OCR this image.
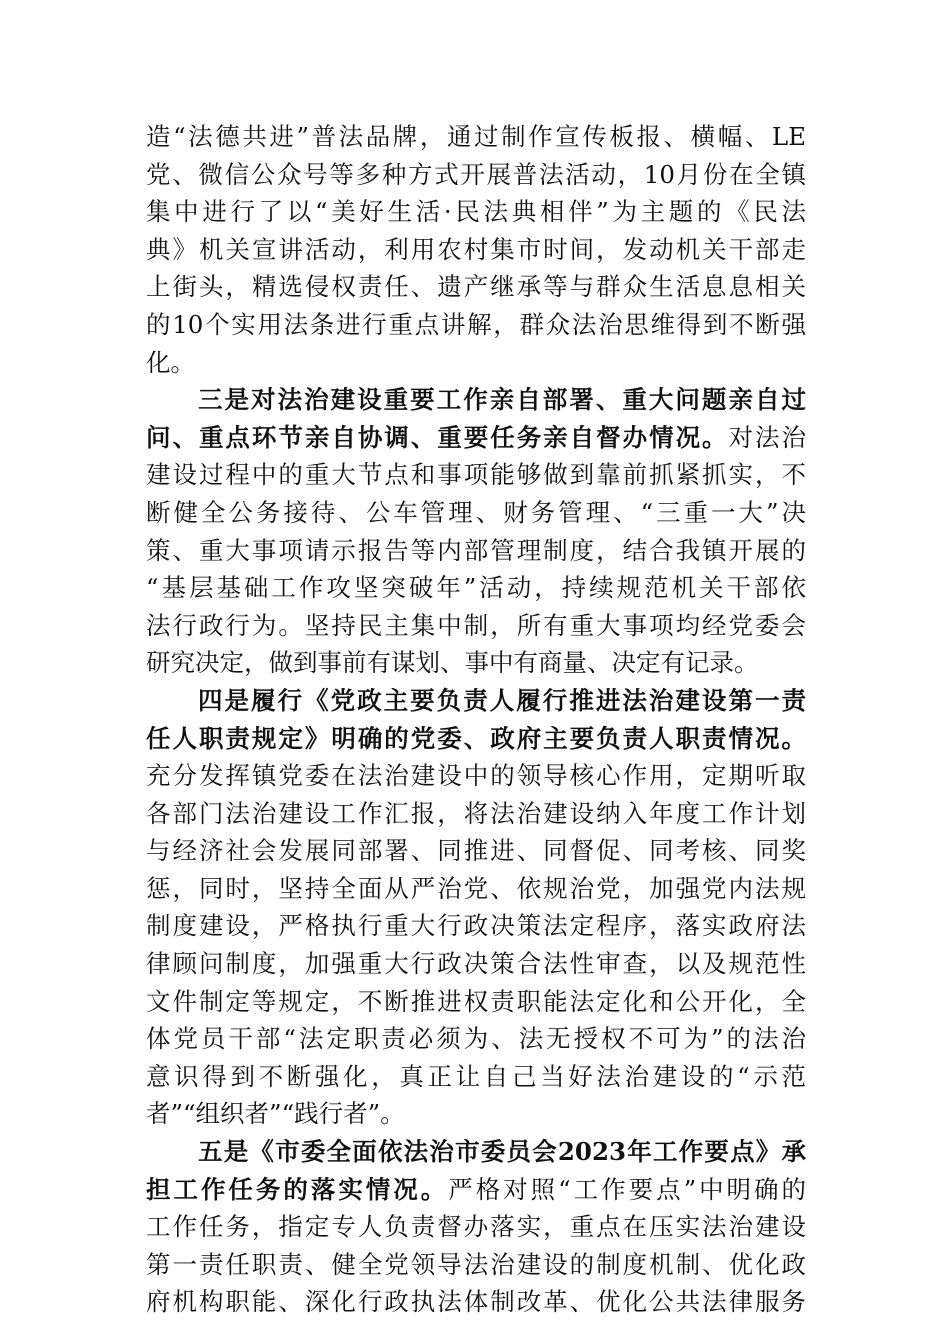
造“法德共进”普法品牌，通过制作宣传板报、横幅、LE
党、微信公众号等多种方式开展普法活动，10月份在全镇
集中进行了以“美好生活·民法典相伴”为主题的《民法
典》机关宣讲活动，利用农村集市时间，发动机关干部走
上街头，精选侵权责任、遗产继承等与群众生活息息相关
的10个实用法条进行重点讲解，群众法治思维得到不断强
化。
三是对法治建设重要工作亲自部署、重大问题亲自过
问、重点环节亲自协调、重要任务亲自督办情况。对法治
建设过程中的重大节点和事项能够做到靠前抓紧抓实，不
断健全公务接待、公车管理、财务管理、“三重一大”决
策、重大事项请示报告等内部管理制度，结合我镇开展的
“基层基础工作攻坚突破年”活动，持续规范机关干部依
法行政行为。坚持民主集中制，所有重大事项均经党委会
研究决定，做到事前有谋划、事中有商量、决定有记录。
四是履行《党政主要负责人履行推进法治建设第一责
任人职责规定》明确的党委、政府主要负责人职责情况。
充分发挥镇党委在法治建设中的领导核心作用，定期听取
各部门法治建设工作汇报，将法治建设纳入年度工作计划
与经济社会发展同部署、同推进、同督促、同考核、同奖
惩，同时，坚持全面从严治党、依规治党，加强党内法规
制度建设，严格执行重大行政决策法定程序，落实政府法
律顾问制度，加强重大行政决策合法性审查，以及规范性
文件制定等规定，不断推进权责职能法定化和公开化，全
体党员干部“法定职责必须为、法无授权不可为”的法治
意识得到不断强化，真正让自己当好法治建设的“示范
者”“组织者”“践行者”。
五是《市委全面依法治市委员会2023年工作要点》承
担工作任务的落实情况。严格对照“工作要点”中明确的
工作任务，指定专人负责督办落实，重点在压实法治建设
第一责任职责、健全党领导法治建设的制度机制、优化政
府机构职能、深化行政执法体制改革、优化公共法律服务
